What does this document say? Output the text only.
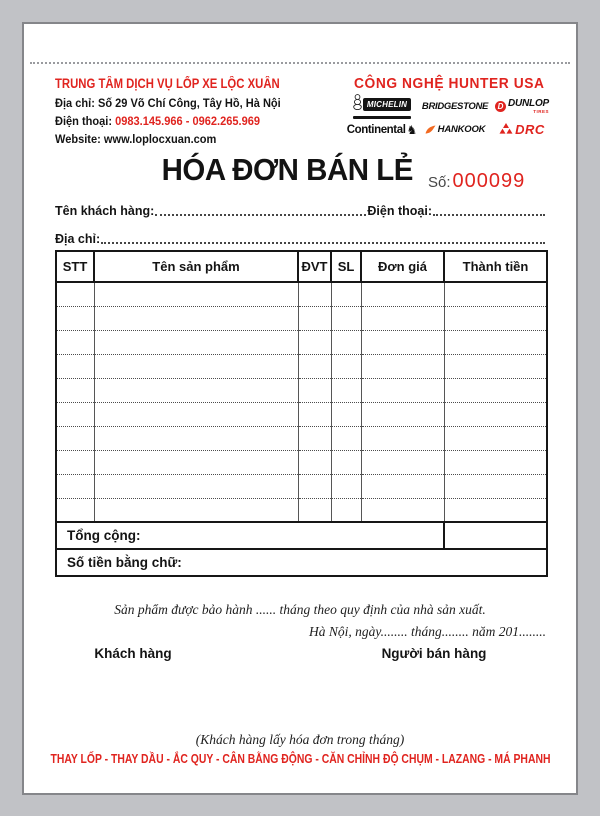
TRUNG TÂM DỊCH VỤ LỐP XE LỘC XUÂN
Địa chỉ: Số 29 Võ Chí Công, Tây Hồ, Hà Nội
Điện thoại: 0983.145.966 - 0962.265.969
Website: www.loplocxuan.com
CÔNG NGHỆ HUNTER USA
MICHELIN	BRIDGESTONE	D DUNLOP
TIRES
Continental ♞ HANKOOK DRC
HÓA ĐƠN BÁN LẺ	Số: 000099
Tên khách hàng:	Điện thoại:
Địa chỉ:
STT	Tên sản phẩm	ĐVT	SL	Đơn giá	Thành tiền

Tổng cộng:					
Số tiền bằng chữ:					
Sản phẩm được bảo hành ...... tháng theo quy định của nhà sản xuất.
Hà Nội, ngày........ tháng........ năm 201........
Khách hàng	Người bán hàng
(Khách hàng lấy hóa đơn trong tháng)
THAY LỐP - THAY DẦU - ẮC QUY - CÂN BẰNG ĐỘNG - CĂN CHỈNH ĐỘ CHỤM - LAZANG - MÁ PHANH
